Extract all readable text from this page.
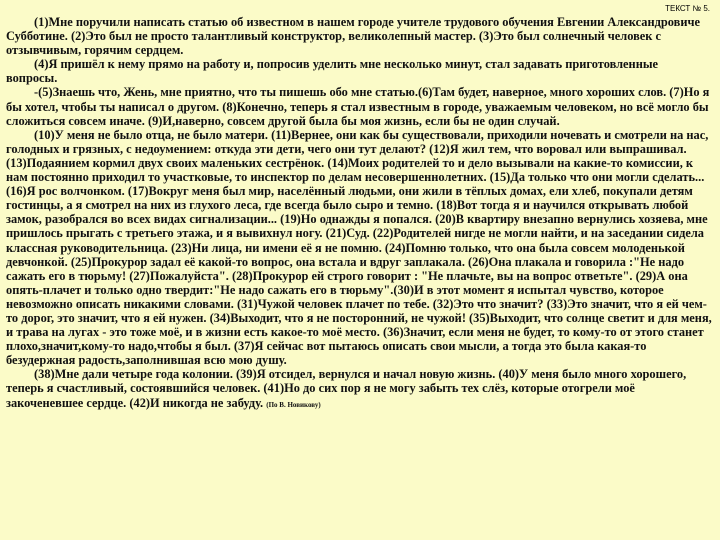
ТЕКСТ № 5.

(1)Мне поручили написать статью об известном в нашем городе учителе трудового обучения Евгении Александровиче Субботине. (2)Это был не просто талантливый конструктор, великолепный мастер. (3)Это был солнечный человек с отзывчивым, горячим сердцем.

(4)Я пришёл к нему прямо на работу и, попросив уделить мне несколько минут, стал задавать приготовленные вопросы.

-(5)Знаешь что, Жень, мне приятно, что ты пишешь обо мне статью.(6)Там будет, наверное, много хороших слов. (7)Но я бы хотел, чтобы ты написал о другом. (8)Конечно, теперь я стал известным в городе, уважаемым человеком, но всё могло бы сложиться совсем иначе. (9)И,наверно, совсем другой была бы моя жизнь, если бы не один случай.

(10)У меня не было отца, не было матери. (11)Вернее, они как бы существовали, приходили ночевать и смотрели на нас, голодных и грязных, с недоумением: откуда эти дети, чего они тут делают? (12)Я жил тем, что воровал или выпрашивал. (13)Подаянием кормил двух своих маленьких сестрёнок. (14)Моих родителей то и дело вызывали на какие-то комиссии, к нам постоянно приходил то участковые, то инспектор по делам несовершеннолетних. (15)Да только что они могли сделать...(16)Я рос волчонком. (17)Вокруг меня был мир, населённый людьми, они жили в тёплых домах, ели хлеб, покупали детям гостинцы, а я смотрел на них из глухого леса, где всегда было сыро и темно. (18)Вот тогда я и научился открывать любой замок, разобрался во всех видах сигнализации... (19)Но однажды я попался. (20)В квартиру внезапно вернулись хозяева, мне пришлось прыгать с третьего этажа, и я вывихнул ногу. (21)Суд. (22)Родителей нигде не могли найти, и на заседании сидела классная руководительница. (23)Ни лица, ни имени её я не помню. (24)Помню только, что она была совсем молоденькой девчонкой. (25)Прокурор задал её какой-то вопрос, она встала и вдруг заплакала. (26)Она плакала и говорила :"Не надо сажать его в тюрьму! (27)Пожалуйста". (28)Прокурор ей строго говорит : "Не плачьте, вы на вопрос ответьте". (29)А она опять-плачет и только одно твердит:"Не надо сажать его в тюрьму".(30)И в этот момент я испытал чувство, которое невозможно описать никакими словами. (31)Чужой человек плачет по тебе. (32)Это что значит? (33)Это значит, что я ей чем-то дорог, это значит, что я ей нужен. (34)Выходит, что я не посторонний, не чужой! (35)Выходит, что солнце светит и для меня, и трава на лугах - это тоже моё, и в жизни есть какое-то моё место. (36)Значит, если меня не будет, то кому-то от этого станет плохо,значит,кому-то надо,чтобы я был. (37)Я сейчас вот пытаюсь описать свои мысли, а тогда это была какая-то безудержная радость,заполнившая всю мою душу.

(38)Мне дали четыре года колонии. (39)Я отсидел, вернулся и начал новую жизнь. (40)У меня было много хорошего, теперь я счастливый, состоявшийся человек. (41)Но до сих пор я не могу забыть тех слёз, которые отогрели моё закоченевшее сердце. (42)И никогда не забуду. (По В. Новикову)
